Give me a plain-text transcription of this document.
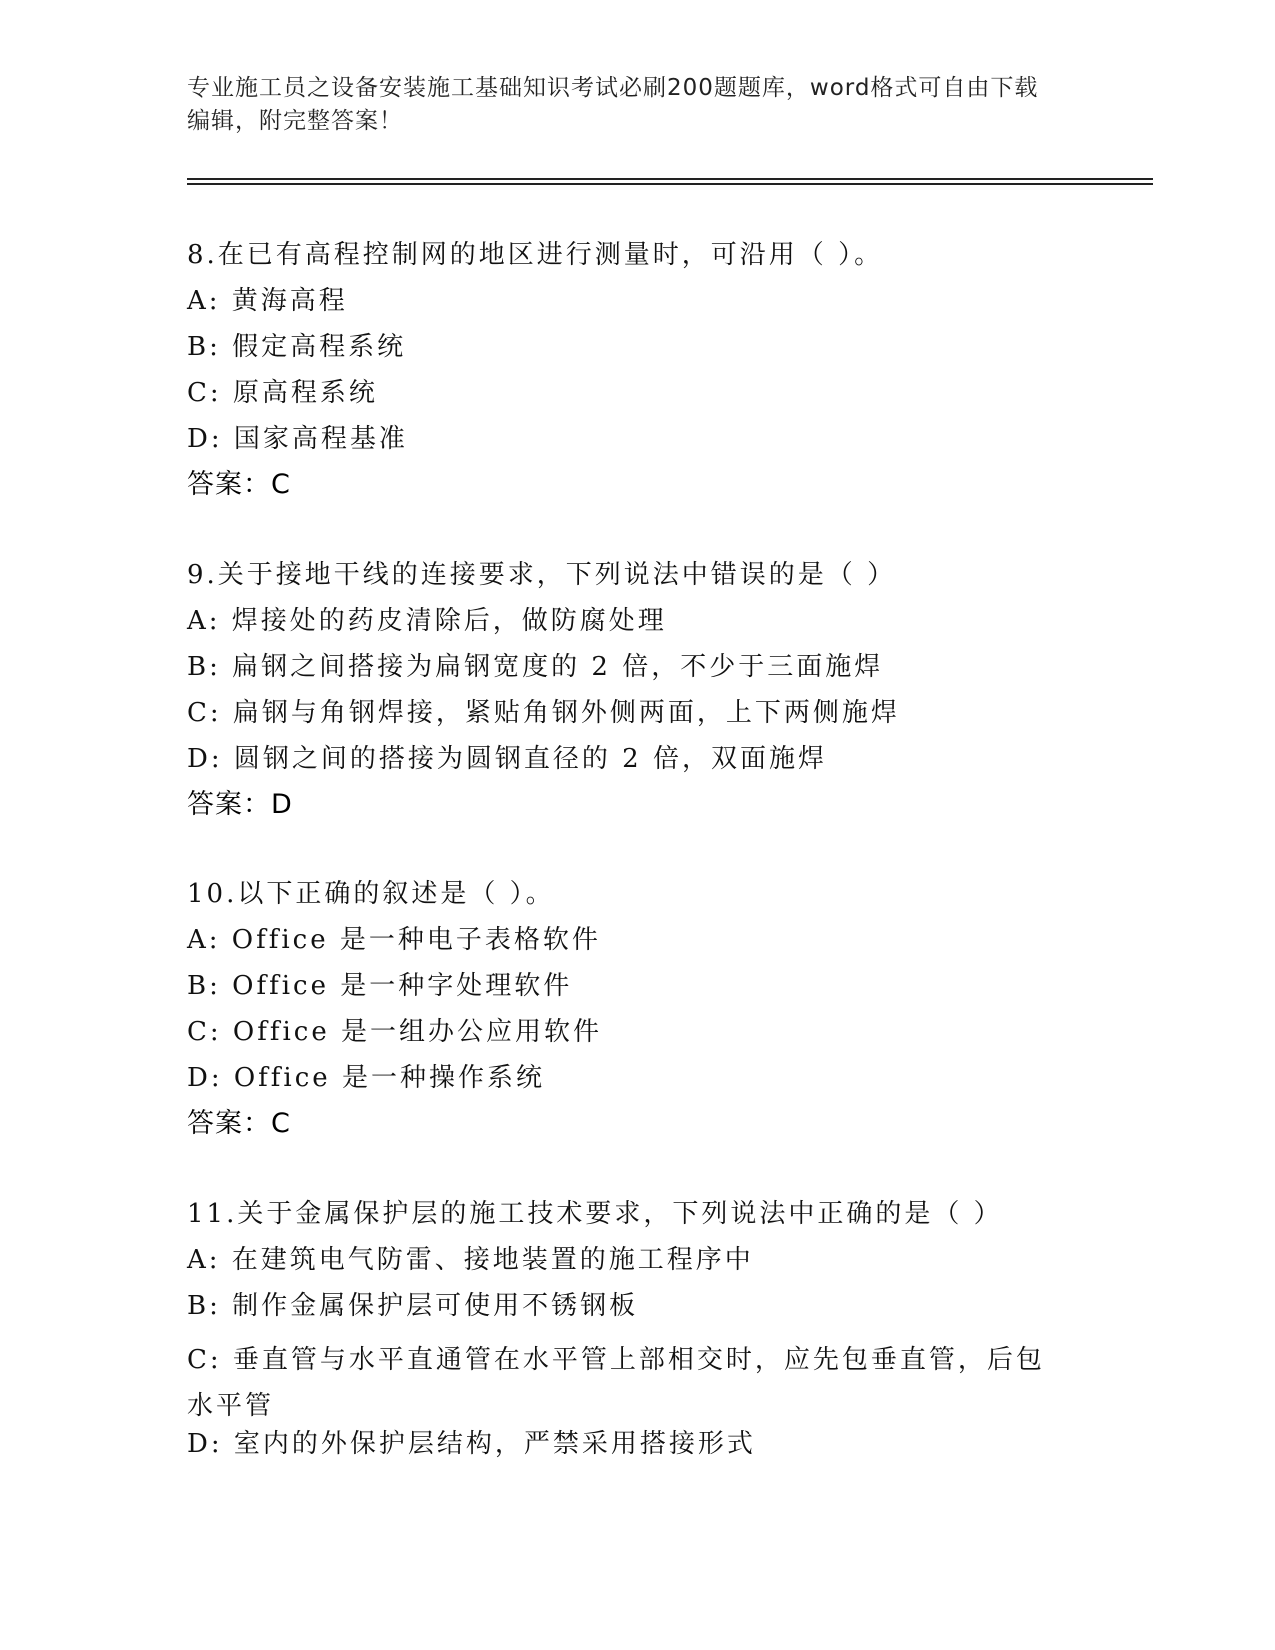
专业施工员之设备安装施工基础知识考试必刷200题题库，word格式可自由下载
编辑，附完整答案！
8.在已有高程控制网的地区进行测量时，可沿用（ ）。
A: 黄海高程
B: 假定高程系统
C: 原高程系统
D: 国家高程基准
答案：C
9.关于接地干线的连接要求，下列说法中错误的是（ ）
A: 焊接处的药皮清除后，做防腐处理
B: 扁钢之间搭接为扁钢宽度的 2 倍，不少于三面施焊
C: 扁钢与角钢焊接，紧贴角钢外侧两面，上下两侧施焊
D: 圆钢之间的搭接为圆钢直径的 2 倍，双面施焊
答案：D
10.以下正确的叙述是（ ）。
A: Office 是一种电子表格软件
B: Office 是一种字处理软件
C: Office 是一组办公应用软件
D: Office 是一种操作系统
答案：C
11.关于金属保护层的施工技术要求，下列说法中正确的是（ ）
A: 在建筑电气防雷、接地装置的施工程序中
B: 制作金属保护层可使用不锈钢板
C: 垂直管与水平直通管在水平管上部相交时，应先包垂直管，后包水平管
D: 室内的外保护层结构，严禁采用搭接形式
